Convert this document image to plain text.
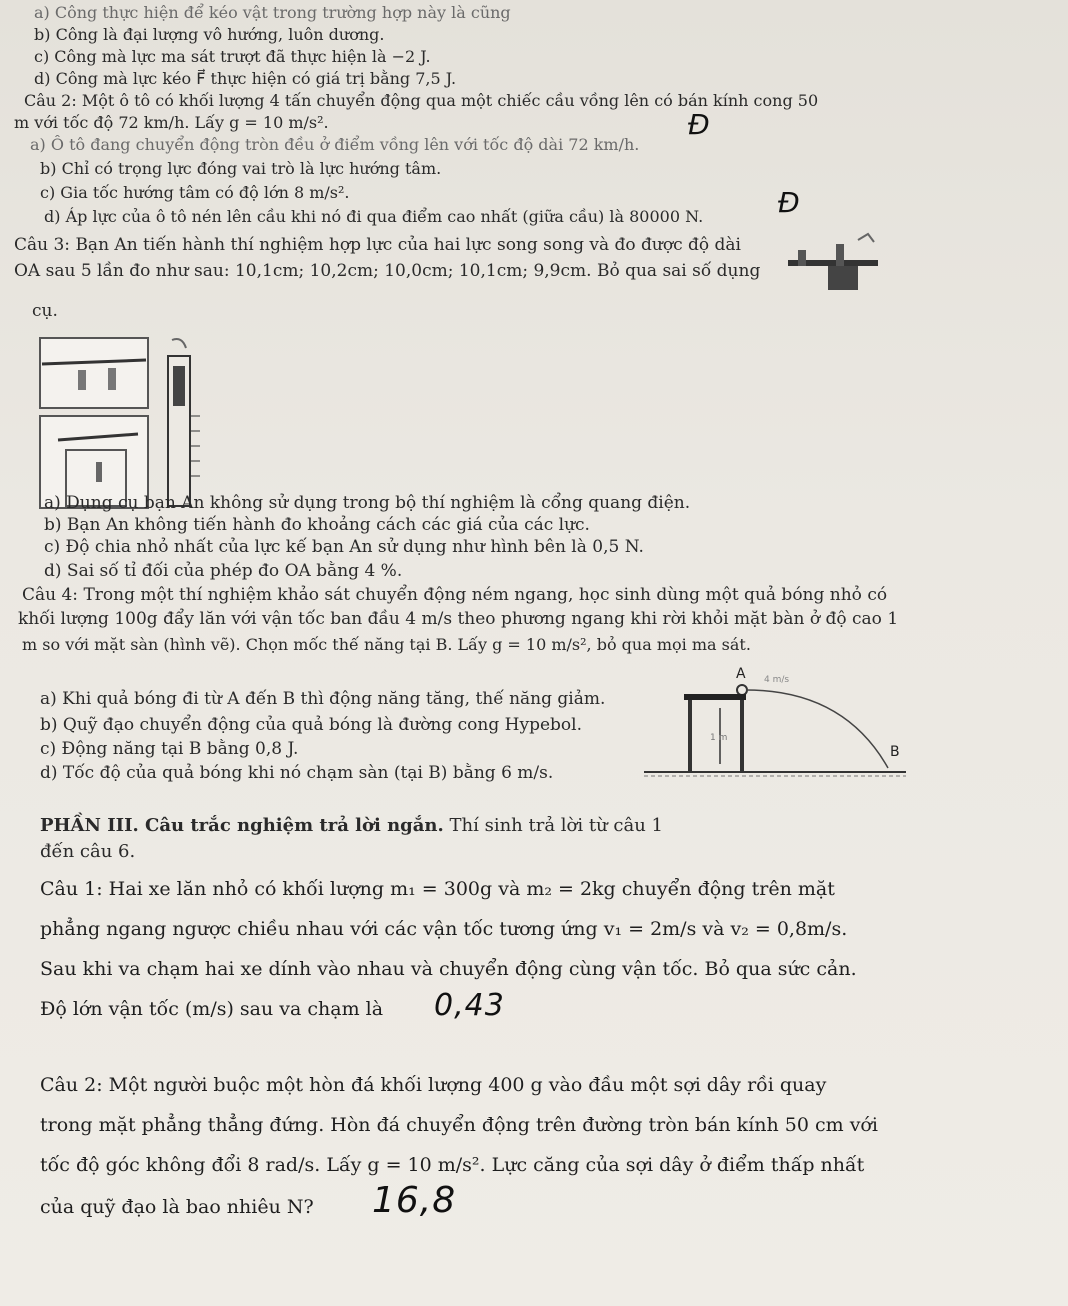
a) Công thực hiện để kéo vật trong trường hợp này là cũng
b) Công là đại lượng vô hướng, luôn dương.
c) Công mà lực ma sát trượt đã thực hiện là −2 J.
d) Công mà lực kéo F⃗ thực hiện có giá trị bằng 7,5 J.
Câu 2: Một ô tô có khối lượng 4 tấn chuyển động qua một chiếc cầu vồng lên có bán kính cong 50
m với tốc độ 72 km/h. Lấy g = 10 m/s².
a) Ô tô đang chuyển động tròn đều ở điểm vồng lên với tốc độ dài 72 km/h.
Đ
b) Chỉ có trọng lực đóng vai trò là lực hướng tâm.
c) Gia tốc hướng tâm có độ lớn 8 m/s².
d) Áp lực của ô tô nén lên cầu khi nó đi qua điểm cao nhất (giữa cầu) là 80000 N.	Đ
Câu 3: Bạn An tiến hành thí nghiệm hợp lực của hai lực song song và đo được độ dài
OA sau 5 lần đo như sau: 10,1cm; 10,2cm; 10,0cm; 10,1cm; 9,9cm. Bỏ qua sai số dụng
cụ.
a) Dụng cụ bạn An không sử dụng trong bộ thí nghiệm là cổng quang điện.
b) Bạn An không tiến hành đo khoảng cách các giá của các lực.
c) Độ chia nhỏ nhất của lực kế bạn An sử dụng như hình bên là 0,5 N.
d) Sai số tỉ đối của phép đo OA bằng 4 %.
Câu 4: Trong một thí nghiệm khảo sát chuyển động ném ngang, học sinh dùng một quả bóng nhỏ có
khối lượng 100g đẩy lăn với vận tốc ban đầu 4 m/s theo phương ngang khi rời khỏi mặt bàn ở độ cao 1
m so với mặt sàn (hình vẽ). Chọn mốc thế năng tại B. Lấy g = 10 m/s², bỏ qua mọi ma sát.
a) Khi quả bóng đi từ A đến B thì động năng tăng, thế năng giảm.
b) Quỹ đạo chuyển động của quả bóng là đường cong Hypebol.
c) Động năng tại B bằng 0,8 J.
d) Tốc độ của quả bóng khi nó chạm sàn (tại B) bằng 6 m/s.
A 4 m/s
1 m
B
PHẦN III. Câu trắc nghiệm trả lời ngắn. Thí sinh trả lời từ câu 1
đến câu 6.
Câu 1: Hai xe lăn nhỏ có khối lượng m₁ = 300g và m₂ = 2kg chuyển động trên mặt
phẳng ngang ngược chiều nhau với các vận tốc tương ứng v₁ = 2m/s và v₂ = 0,8m/s.
Sau khi va chạm hai xe dính vào nhau và chuyển động cùng vận tốc. Bỏ qua sức cản.
Độ lớn vận tốc (m/s) sau va chạm là 0,43
Câu 2: Một người buộc một hòn đá khối lượng 400 g vào đầu một sợi dây rồi quay
trong mặt phẳng thẳng đứng. Hòn đá chuyển động trên đường tròn bán kính 50 cm với
tốc độ góc không đổi 8 rad/s. Lấy g = 10 m/s². Lực căng của sợi dây ở điểm thấp nhất
của quỹ đạo là bao nhiêu N? 16,8
